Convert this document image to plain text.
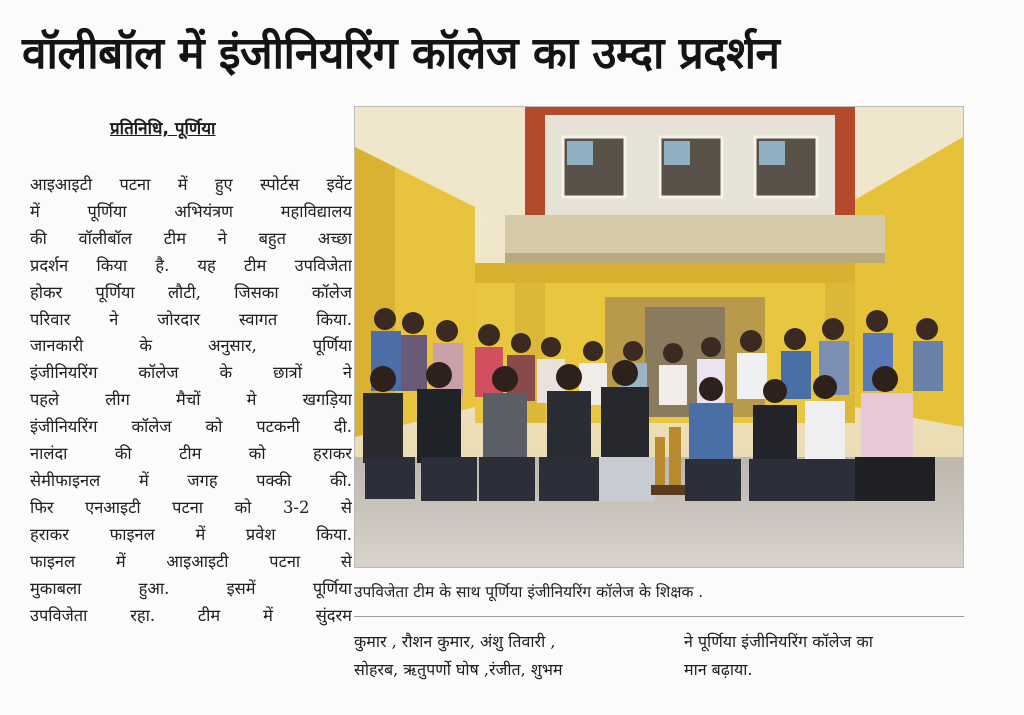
वॉलीबॉल में इंजीनियरिंग कॉलेज का उम्दा प्रदर्शन
प्रतिनिधि, पूर्णिया
आइआइटी पटना में हुए स्पोर्टस इवेंट
में पूर्णिया अभियंत्रण महाविद्यालय
की वॉलीबॉल टीम ने बहुत अच्छा
प्रदर्शन किया है. यह टीम उपविजेता
होकर पूर्णिया लौटी, जिसका कॉलेज
परिवार ने जोरदार स्वागत किया.
जानकारी के अनुसार, पूर्णिया
इंजीनियरिंग कॉलेज के छात्रों ने
पहले लीग मैचों मे खगड़िया
इंजीनियरिंग कॉलेज को पटकनी दी.
नालंदा की टीम को हराकर
सेमीफाइनल में जगह पक्की की.
फिर एनआइटी पटना को 3-2 से
हराकर फाइनल में प्रवेश किया.
फाइनल में आइआइटी पटना से
मुकाबला हुआ. इसमें पूर्णिया
उपविजेता रहा. टीम में सुंदरम
उपविजेता टीम के साथ पूर्णिया इंजीनियरिंग कॉलेज के शिक्षक .
कुमार , रौशन कुमार, अंशु तिवारी ,
सोहरब, ऋतुपर्णो घोष ,रंजीत, शुभम
ने पूर्णिया इंजीनियरिंग कॉलेज का
मान बढ़ाया.
